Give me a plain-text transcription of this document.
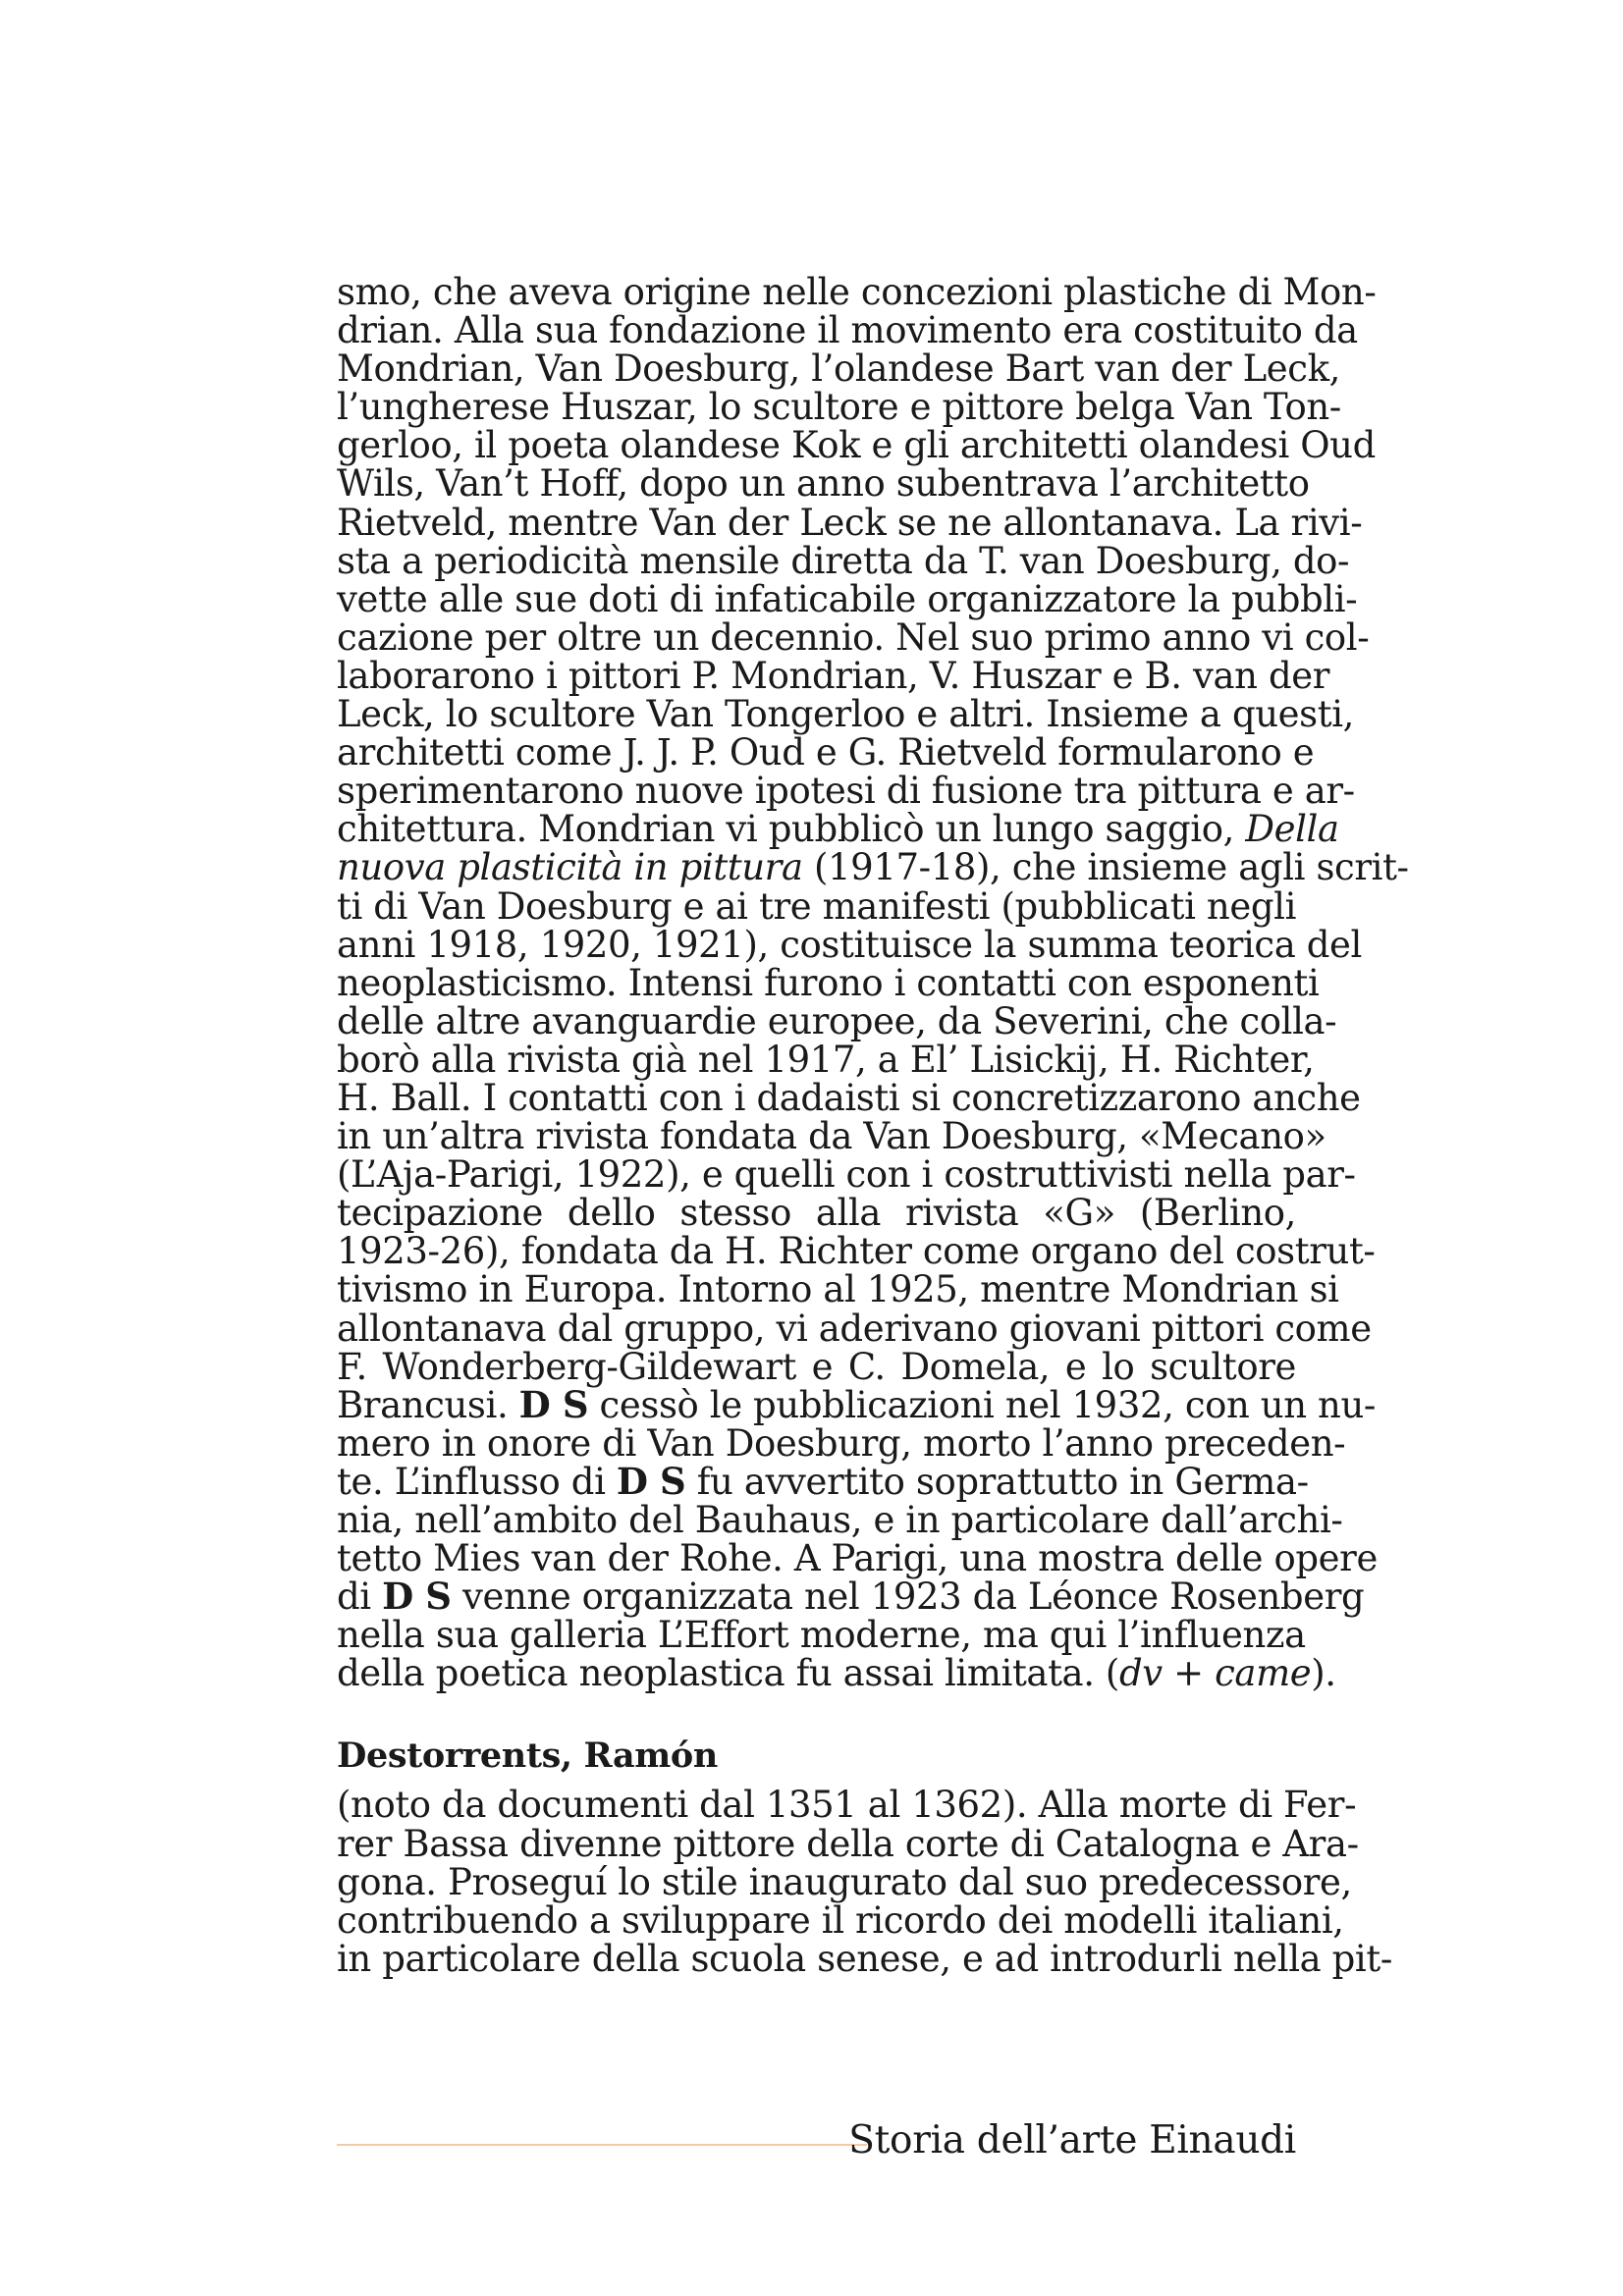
smo, che aveva origine nelle concezioni plastiche di Mon-
drian. Alla sua fondazione il movimento era costituito da
Mondrian, Van Doesburg, l’olandese Bart van der Leck,
l’ungherese Huszar, lo scultore e pittore belga Van Ton-
gerloo, il poeta olandese Kok e gli architetti olandesi Oud
Wils, Van’t Hoff, dopo un anno subentrava l’architetto
Rietveld, mentre Van der Leck se ne allontanava. La rivi-
sta a periodicità mensile diretta da T. van Doesburg, do-
vette alle sue doti di infaticabile organizzatore la pubbli-
cazione per oltre un decennio. Nel suo primo anno vi col-
laborarono i pittori P. Mondrian, V. Huszar e B. van der
Leck, lo scultore Van Tongerloo e altri. Insieme a questi,
architetti come J. J. P. Oud e G. Rietveld formularono e
sperimentarono nuove ipotesi di fusione tra pittura e ar-
chitettura. Mondrian vi pubblicò un lungo saggio, Della
nuova plasticità in pittura (1917-18), che insieme agli scrit-
ti di Van Doesburg e ai tre manifesti (pubblicati negli
anni 1918, 1920, 1921), costituisce la summa teorica del
neoplasticismo. Intensi furono i contatti con esponenti
delle altre avanguardie europee, da Severini, che colla-
borò alla rivista già nel 1917, a El’ Lisickij, H. Richter,
H. Ball. I contatti con i dadaisti si concretizzarono anche
in un’altra rivista fondata da Van Doesburg, «Mecano»
(L’Aja-Parigi, 1922), e quelli con i costruttivisti nella par-
tecipazione dello stesso alla rivista «G» (Berlino,
1923-26), fondata da H. Richter come organo del costrut-
tivismo in Europa. Intorno al 1925, mentre Mondrian si
allontanava dal gruppo, vi aderivano giovani pittori come
F. Wonderberg-Gildewart e C. Domela, e lo scultore
Brancusi. D S cessò le pubblicazioni nel 1932, con un nu-
mero in onore di Van Doesburg, morto l’anno preceden-
te. L’influsso di D S fu avvertito soprattutto in Germa-
nia, nell’ambito del Bauhaus, e in particolare dall’archi-
tetto Mies van der Rohe. A Parigi, una mostra delle opere
di D S venne organizzata nel 1923 da Léonce Rosenberg
nella sua galleria L’Effort moderne, ma qui l’influenza
della poetica neoplastica fu assai limitata. (dv + came).
Destorrents, Ramón
(noto da documenti dal 1351 al 1362). Alla morte di Fer-
rer Bassa divenne pittore della corte di Catalogna e Ara-
gona. Proseguí lo stile inaugurato dal suo predecessore,
contribuendo a sviluppare il ricordo dei modelli italiani,
in particolare della scuola senese, e ad introdurli nella pit-
Storia dell’arte Einaudi
